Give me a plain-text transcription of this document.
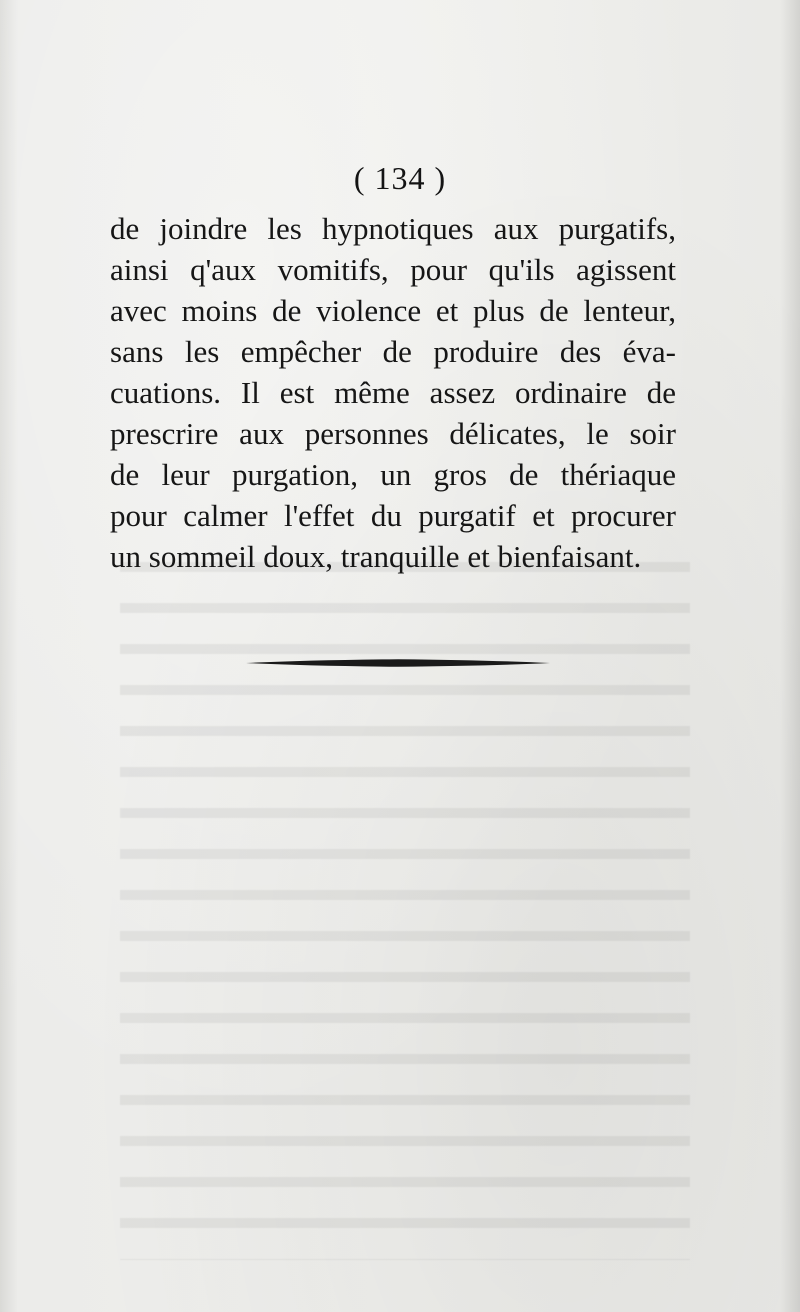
( 134 )
de joindre les hypnotiques aux purgatifs,
ainsi q'aux vomitifs, pour qu'ils agissent
avec moins de violence et plus de lenteur,
sans les empêcher de produire des éva-
cuations. Il est même assez ordinaire de
prescrire aux personnes délicates, le soir
de leur purgation, un gros de thériaque
pour calmer l'effet du purgatif et procurer
un sommeil doux, tranquille et bienfaisant.
